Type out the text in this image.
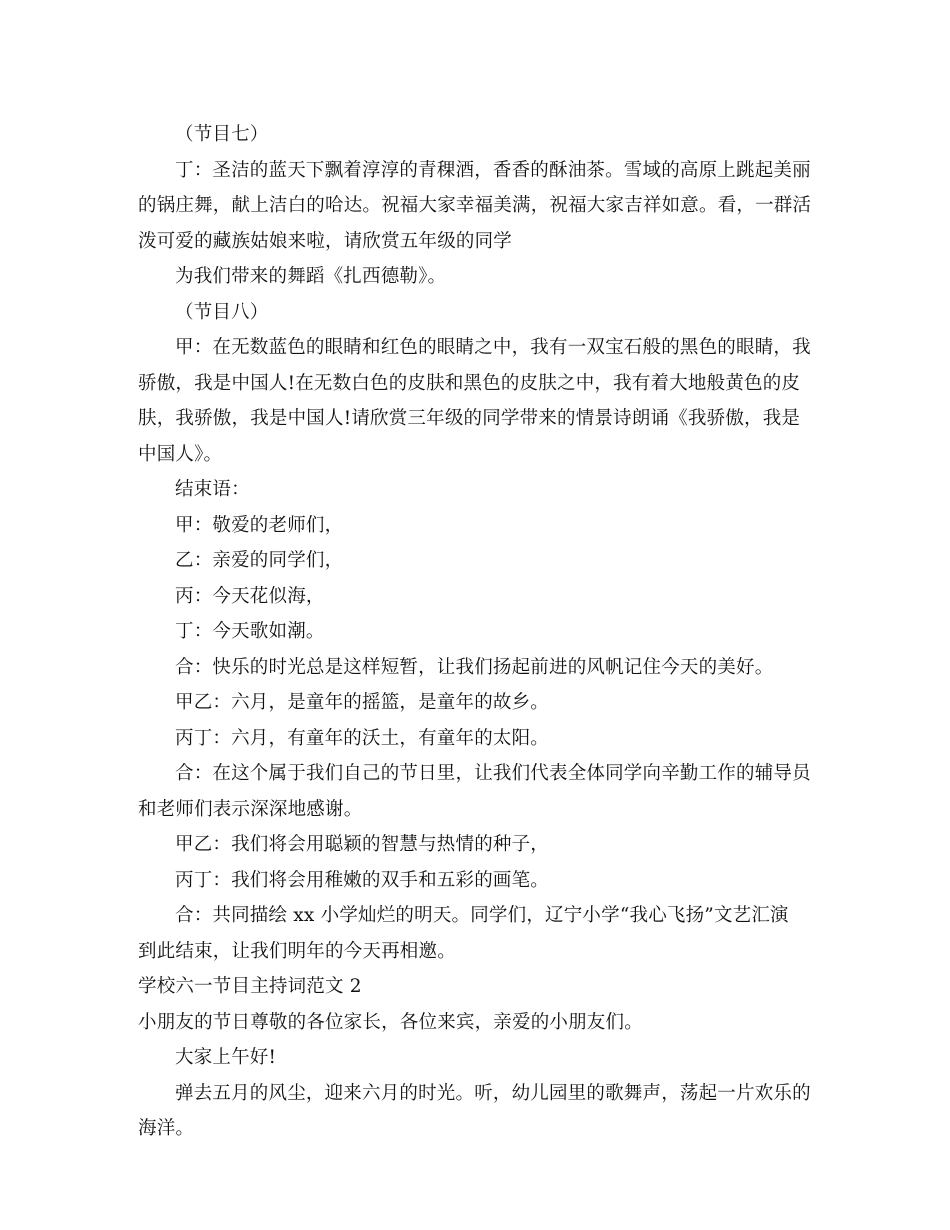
（节目七）
丁：圣洁的蓝天下飘着淳淳的青稞酒，香香的酥油茶。雪域的高原上跳起美丽
的锅庄舞，献上洁白的哈达。祝福大家幸福美满，祝福大家吉祥如意。看，一群活
泼可爱的藏族姑娘来啦，请欣赏五年级的同学
为我们带来的舞蹈《扎西德勒》。
（节目八）
甲：在无数蓝色的眼睛和红色的眼睛之中，我有一双宝石般的黑色的眼睛，我
骄傲，我是中国人!在无数白色的皮肤和黑色的皮肤之中，我有着大地般黄色的皮
肤，我骄傲，我是中国人!请欣赏三年级的同学带来的情景诗朗诵《我骄傲，我是
中国人》。
结束语：
甲：敬爱的老师们，
乙：亲爱的同学们，
丙：今天花似海，
丁：今天歌如潮。
合：快乐的时光总是这样短暂，让我们扬起前进的风帆记住今天的美好。
甲乙：六月，是童年的摇篮，是童年的故乡。
丙丁：六月，有童年的沃土，有童年的太阳。
合：在这个属于我们自己的节日里，让我们代表全体同学向辛勤工作的辅导员
和老师们表示深深地感谢。
甲乙：我们将会用聪颖的智慧与热情的种子，
丙丁：我们将会用稚嫩的双手和五彩的画笔。
合：共同描绘 xx 小学灿烂的明天。同学们，辽宁小学“我心飞扬”文艺汇演
到此结束，让我们明年的今天再相邀。
学校六一节目主持词范文 2
小朋友的节日尊敬的各位家长，各位来宾，亲爱的小朋友们。
大家上午好!
弹去五月的风尘，迎来六月的时光。听，幼儿园里的歌舞声，荡起一片欢乐的
海洋。
